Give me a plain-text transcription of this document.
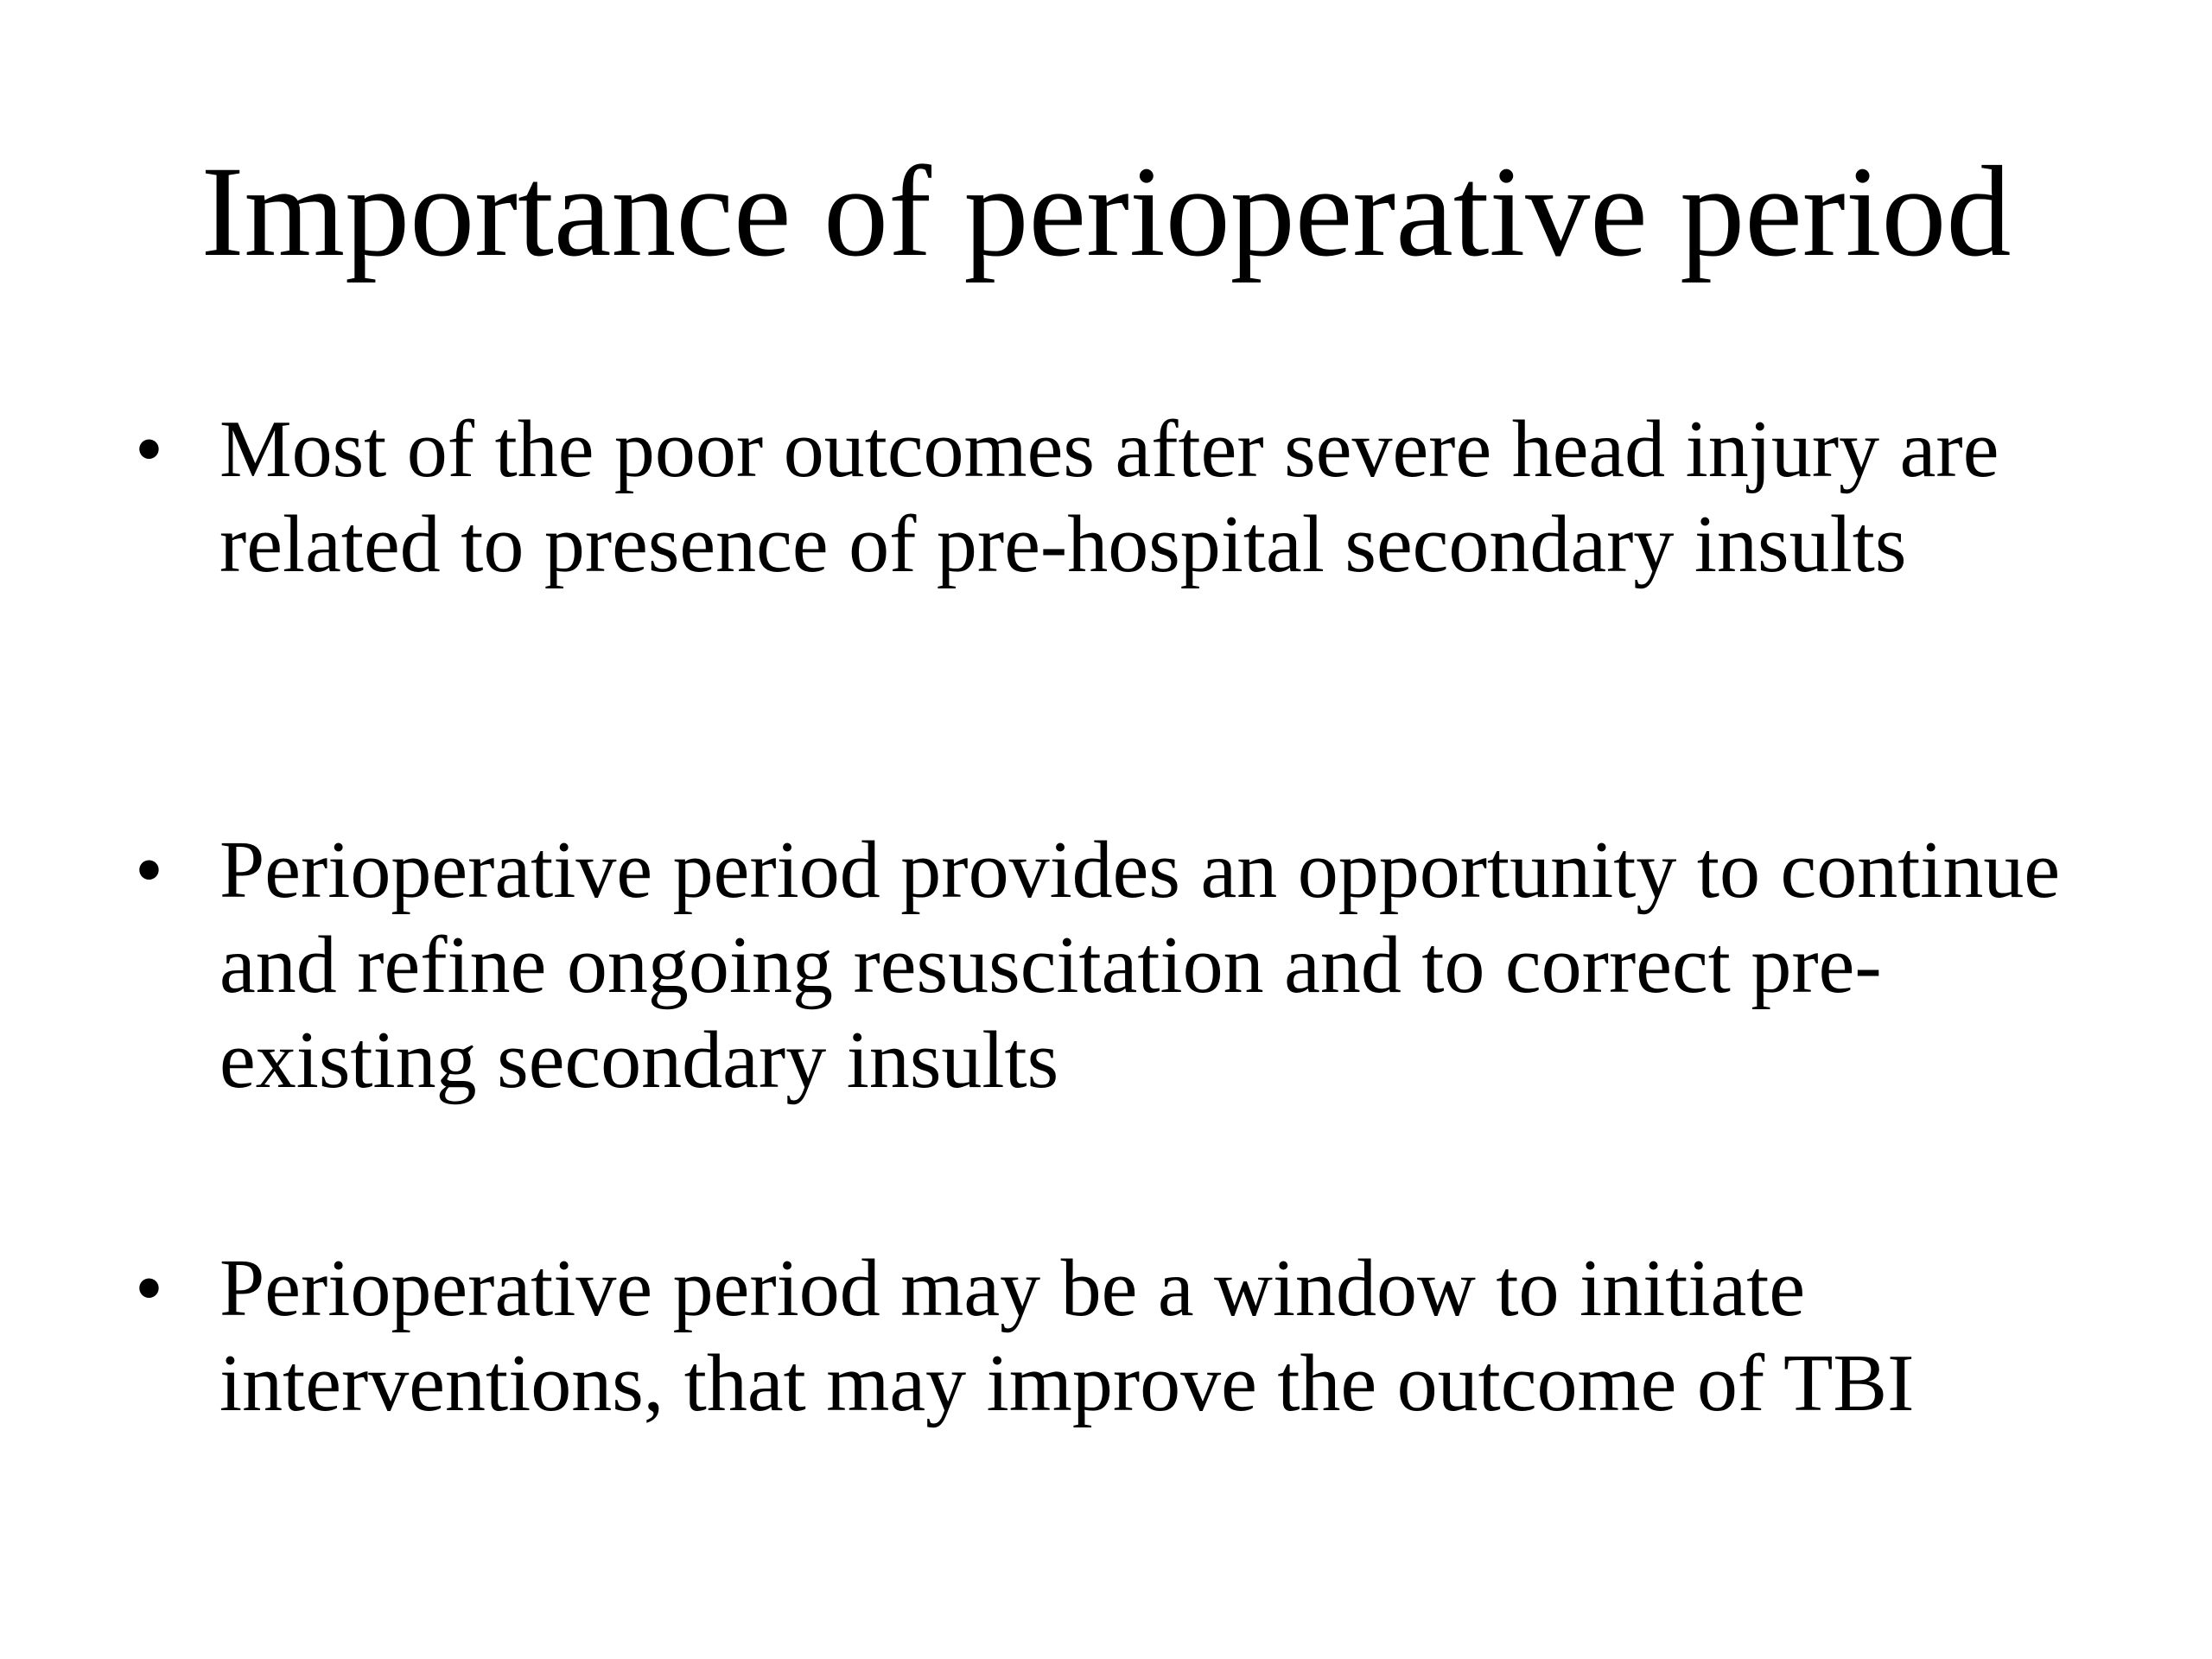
Importance of perioperative period
• Most of the poor outcomes after severe head injury are related to presence of pre-hospital secondary insults
• Perioperative period provides an opportunity to continue and refine ongoing resuscitation and to correct pre-existing secondary insults
• Perioperative period may be a window to initiate interventions, that may improve the outcome of TBI
